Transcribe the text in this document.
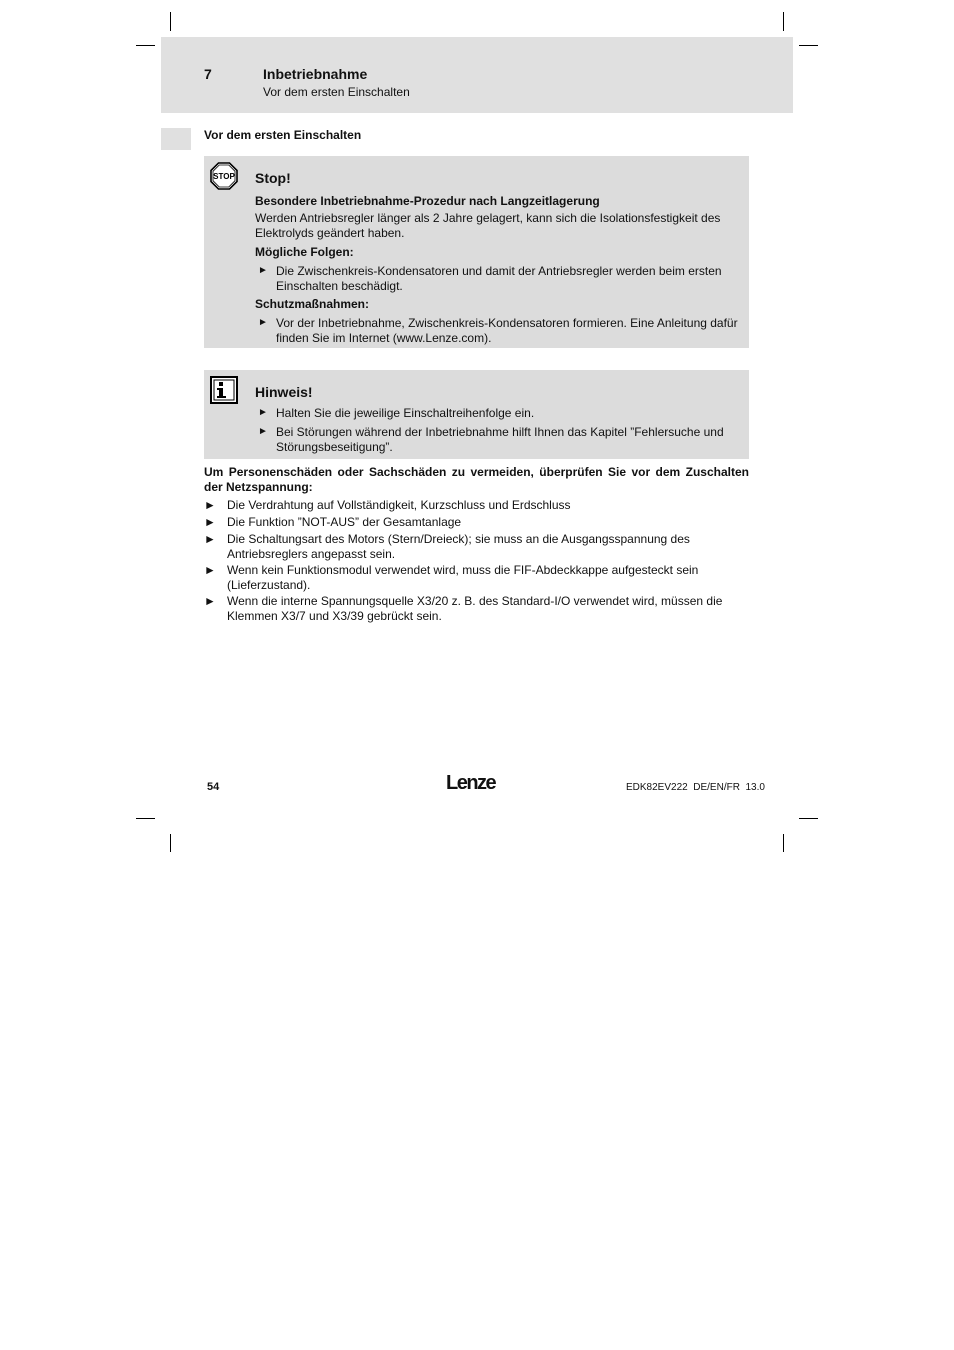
7	Inbetriebnahme
Vor dem ersten Einschalten
Vor dem ersten Einschalten
STOP Stop!
Besondere Inbetriebnahme-Prozedur nach Langzeitlagerung
Werden Antriebsregler länger als 2 Jahre gelagert, kann sich die Isolationsfestigkeit des Elektrolyds geändert haben.
Mögliche Folgen:
► Die Zwischenkreis-Kondensatoren und damit der Antriebsregler werden beim ersten Einschalten beschädigt.
Schutzmaßnahmen:
► Vor der Inbetriebnahme, Zwischenkreis-Kondensatoren formieren. Eine Anleitung dafür finden Sie im Internet (www.Lenze.com).
Hinweis!
► Halten Sie die jeweilige Einschaltreihenfolge ein.
► Bei Störungen während der Inbetriebnahme hilft Ihnen das Kapitel ”Fehlersuche und Störungsbeseitigung”.
Um Personenschäden oder Sachschäden zu vermeiden, überprüfen Sie vor dem Zuschalten der Netzspannung:
► Die Verdrahtung auf Vollständigkeit, Kurzschluss und Erdschluss
► Die Funktion ”NOT-AUS” der Gesamtanlage
► Die Schaltungsart des Motors (Stern/Dreieck); sie muss an die Ausgangsspannung des Antriebsreglers angepasst sein.
► Wenn kein Funktionsmodul verwendet wird, muss die FIF-Abdeckkappe aufgesteckt sein (Lieferzustand).
► Wenn die interne Spannungsquelle X3/20 z. B. des Standard-I/O verwendet wird, müssen die Klemmen X3/7 und X3/39 gebrückt sein.
54	Lenze	EDK82EV222  DE/EN/FR  13.0
